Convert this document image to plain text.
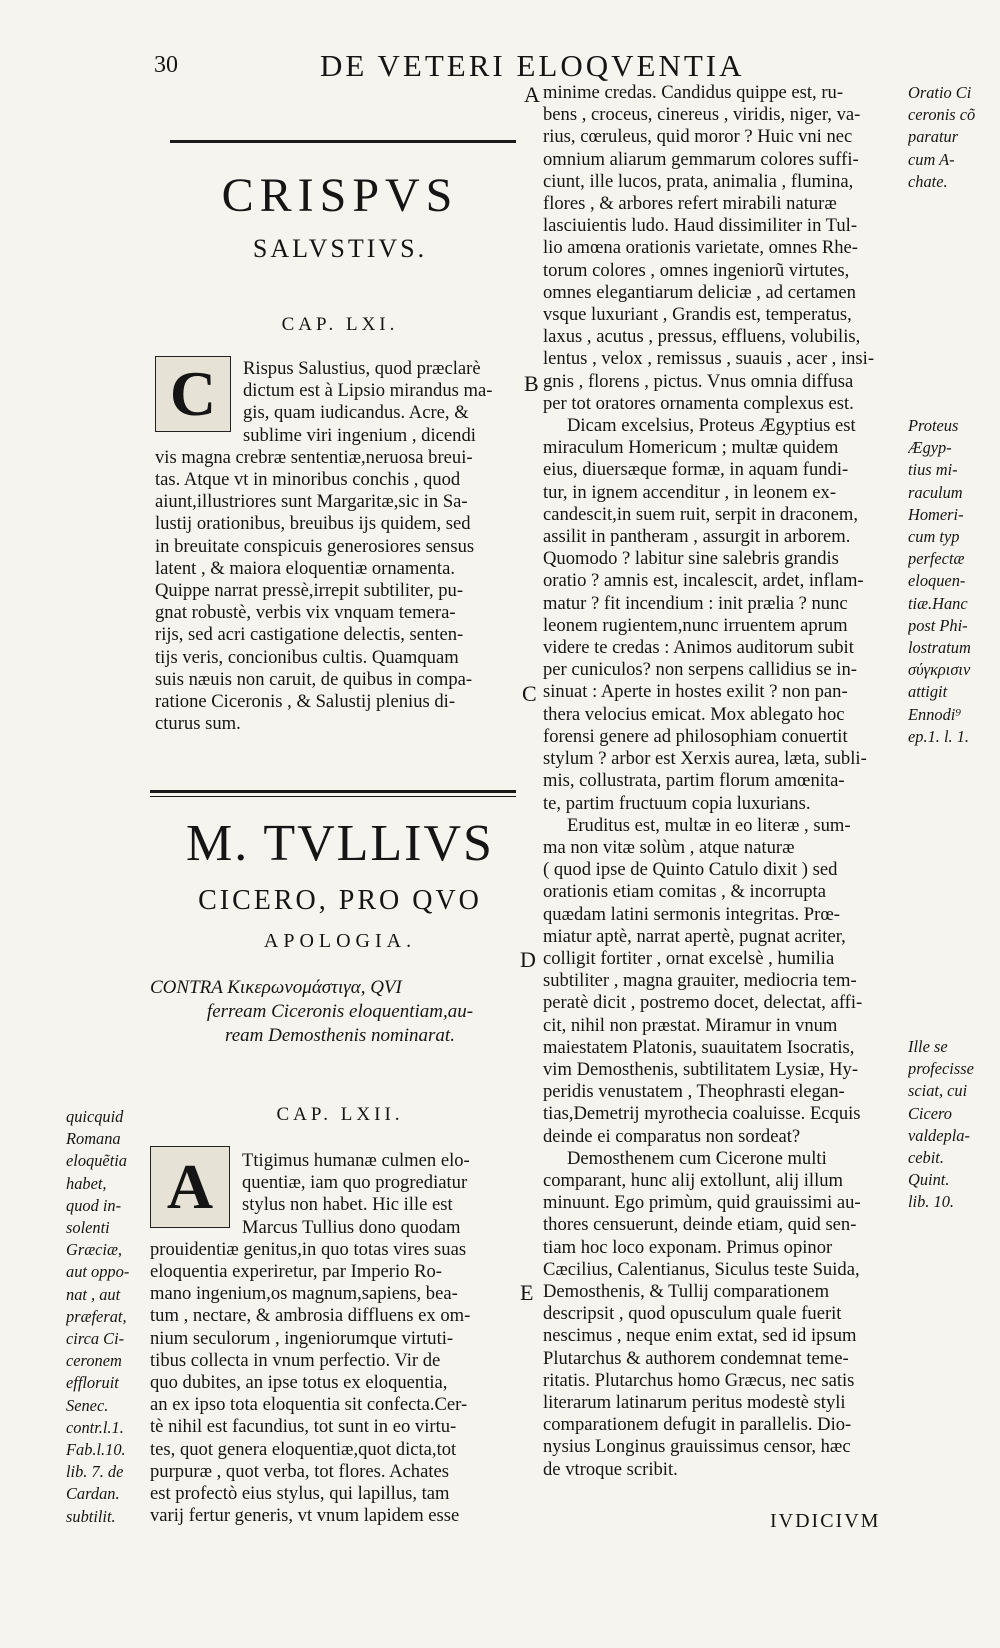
30	DE VETERI ELOQVENTIA
CRISPVS
SALVSTIVS.
CAP. LXI.
C	Rispus Salustius, quod præclarè
dictum est à Lipsio mirandus ma-
gis, quam iudicandus. Acre, &
sublime viri ingenium , dicendi
vis magna crebræ sententiæ,neruosa breui-
tas. Atque vt in minoribus conchis , quod
aiunt,illustriores sunt Margaritæ,sic in Sa-
lustij orationibus, breuibus ijs quidem, sed
in breuitate conspicuis generosiores sensus
latent , & maiora eloquentiæ ornamenta.
Quippe narrat pressè,irrepit subtiliter, pu-
gnat robustè, verbis vix vnquam temera-
rijs, sed acri castigatione delectis, senten-
tijs veris, concionibus cultis. Quamquam
suis næuis non caruit, de quibus in compa-
ratione Ciceronis , & Salustij plenius di-
cturus sum.
M. TVLLIVS
CICERO, PRO QVO
APOLOGIA.
CONTRA Κικερωνομάστιγα, QVI
ferream Ciceronis eloquentiam,au-
ream Demosthenis nominarat.
CAP. LXII.
A	Ttigimus humanæ culmen elo-
quentiæ, iam quo progrediatur
stylus non habet. Hic ille est
Marcus Tullius dono quodam
prouidentiæ genitus,in quo totas vires suas
eloquentia experiretur, par Imperio Ro-
mano ingenium,os magnum,sapiens, bea-
tum , nectare, & ambrosia diffluens ex om-
nium seculorum , ingeniorumque virtuti-
tibus collecta in vnum perfectio. Vir de
quo dubites, an ipse totus ex eloquentia,
an ex ipso tota eloquentia sit confecta.Cer-
tè nihil est facundius, tot sunt in eo virtu-
tes, quot genera eloquentiæ,quot dicta,tot
purpuræ , quot verba, tot flores. Achates
est profectò eius stylus, qui lapillus, tam
varij fertur generis, vt vnum lapidem esse
quicquid
Romana
eloquẽtia
habet,
quod in-
solenti
Græciæ,
aut oppo-
nat , aut
præferat,
circa Ci-
ceronem
effloruit
Senec.
contr.l.1.
Fab.l.10.
lib. 7. de
Cardan.
subtilit.
A
B
C
D
E
minime credas. Candidus quippe est, ru-
bens , croceus, cinereus , viridis, niger, va-
rius, cœruleus, quid moror ? Huic vni nec
omnium aliarum gemmarum colores suffi-
ciunt, ille lucos, prata, animalia , flumina,
flores , & arbores refert mirabili naturæ
lasciuientis ludo. Haud dissimiliter in Tul-
lio amœna orationis varietate, omnes Rhe-
torum colores , omnes ingeniorũ virtutes,
omnes elegantiarum deliciæ , ad certamen
vsque luxuriant , Grandis est, temperatus,
laxus , acutus , pressus, effluens, volubilis,
lentus , velox , remissus , suauis , acer , insi-
gnis , florens , pictus. Vnus omnia diffusa
per tot oratores ornamenta complexus est.
Dicam excelsius, Proteus Ægyptius est
miraculum Homericum ; multæ quidem
eius, diuersæque formæ, in aquam fundi-
tur, in ignem accenditur , in leonem ex-
candescit,in suem ruit, serpit in draconem,
assilit in pantheram , assurgit in arborem.
Quomodo ? labitur sine salebris grandis
oratio ? amnis est, incalescit, ardet, inflam-
matur ? fit incendium : init prælia ? nunc
leonem rugientem,nunc irruentem aprum
videre te credas : Animos auditorum subit
per cuniculos? non serpens callidius se in-
sinuat : Aperte in hostes exilit ? non pan-
thera velocius emicat. Mox ablegato hoc
forensi genere ad philosophiam conuertit
stylum ? arbor est Xerxis aurea, læta, subli-
mis, collustrata, partim florum amœnita-
te, partim fructuum copia luxurians.
Eruditus est, multæ in eo literæ , sum-
ma non vitæ solùm , atque naturæ
( quod ipse de Quinto Catulo dixit ) sed
orationis etiam comitas , & incorrupta
quædam latini sermonis integritas. Prœ-
miatur aptè, narrat apertè, pugnat acriter,
colligit fortiter , ornat excelsè , humilia
subtiliter , magna grauiter, mediocria tem-
peratè dicit , postremo docet, delectat, affi-
cit, nihil non præstat. Miramur in vnum
maiestatem Platonis, suauitatem Isocratis,
vim Demosthenis, subtilitatem Lysiæ, Hy-
peridis venustatem , Theophrasti elegan-
tias,Demetrij myrothecia coaluisse. Ecquis
deinde ei comparatus non sordeat?
Demosthenem cum Cicerone multi
comparant, hunc alij extollunt, alij illum
minuunt. Ego primùm, quid grauissimi au-
thores censuerunt, deinde etiam, quid sen-
tiam hoc loco exponam. Primus opinor
Cæcilius, Calentianus, Siculus teste Suida,
Demosthenis, & Tullij comparationem
descripsit , quod opusculum quale fuerit
nescimus , neque enim extat, sed id ipsum
Plutarchus & authorem condemnat teme-
ritatis. Plutarchus homo Græcus, nec satis
literarum latinarum peritus modestè styli
comparationem defugit in parallelis. Dio-
nysius Longinus grauissimus censor, hæc
de vtroque scribit.
Oratio Ci
ceronis cõ
paratur
cum A-
chate.
Proteus
Ægyp-
tius mi-
raculum
Homeri-
cum typ
perfectæ
eloquen-
tiæ.Hanc
post Phi-
lostratum
σύγκρισιν
attigit
Ennodi⁹
ep.1. l. 1.
Ille se
profecisse
sciat, cui
Cicero
valdepla-
cebit.
Quint.
lib. 10.
IVDICIVM
